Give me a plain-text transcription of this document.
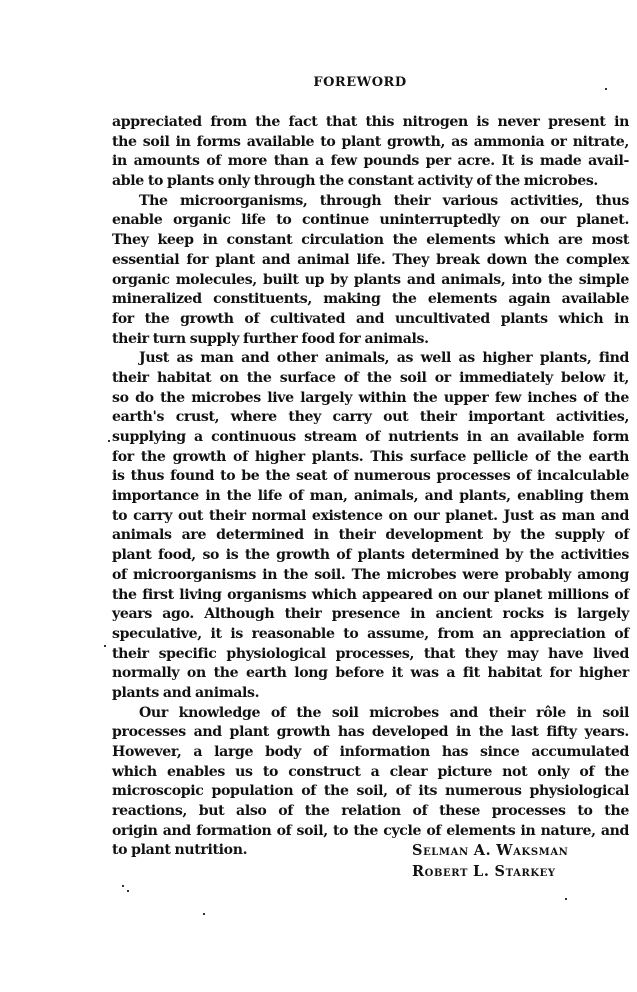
FOREWORD
appreciated from the fact that this nitrogen is never present in
the soil in forms available to plant growth, as ammonia or nitrate,
in amounts of more than a few pounds per acre. It is made avail-
able to plants only through the constant activity of the microbes.
The microorganisms, through their various activities, thus
enable organic life to continue uninterruptedly on our planet.
They keep in constant circulation the elements which are most
essential for plant and animal life. They break down the complex
organic molecules, built up by plants and animals, into the simple
mineralized constituents, making the elements again available
for the growth of cultivated and uncultivated plants which in
their turn supply further food for animals.
Just as man and other animals, as well as higher plants, find
their habitat on the surface of the soil or immediately below it,
so do the microbes live largely within the upper few inches of the
earth's crust, where they carry out their important activities,
supplying a continuous stream of nutrients in an available form
for the growth of higher plants. This surface pellicle of the earth
is thus found to be the seat of numerous processes of incalculable
importance in the life of man, animals, and plants, enabling them
to carry out their normal existence on our planet. Just as man and
animals are determined in their development by the supply of
plant food, so is the growth of plants determined by the activities
of microorganisms in the soil. The microbes were probably among
the first living organisms which appeared on our planet millions of
years ago. Although their presence in ancient rocks is largely
speculative, it is reasonable to assume, from an appreciation of
their specific physiological processes, that they may have lived
normally on the earth long before it was a fit habitat for higher
plants and animals.
Our knowledge of the soil microbes and their rôle in soil
processes and plant growth has developed in the last fifty years.
However, a large body of information has since accumulated
which enables us to construct a clear picture not only of the
microscopic population of the soil, of its numerous physiological
reactions, but also of the relation of these processes to the
origin and formation of soil, to the cycle of elements in nature, and
to plant nutrition.	Selman A. Waksman
Robert L. Starkey
